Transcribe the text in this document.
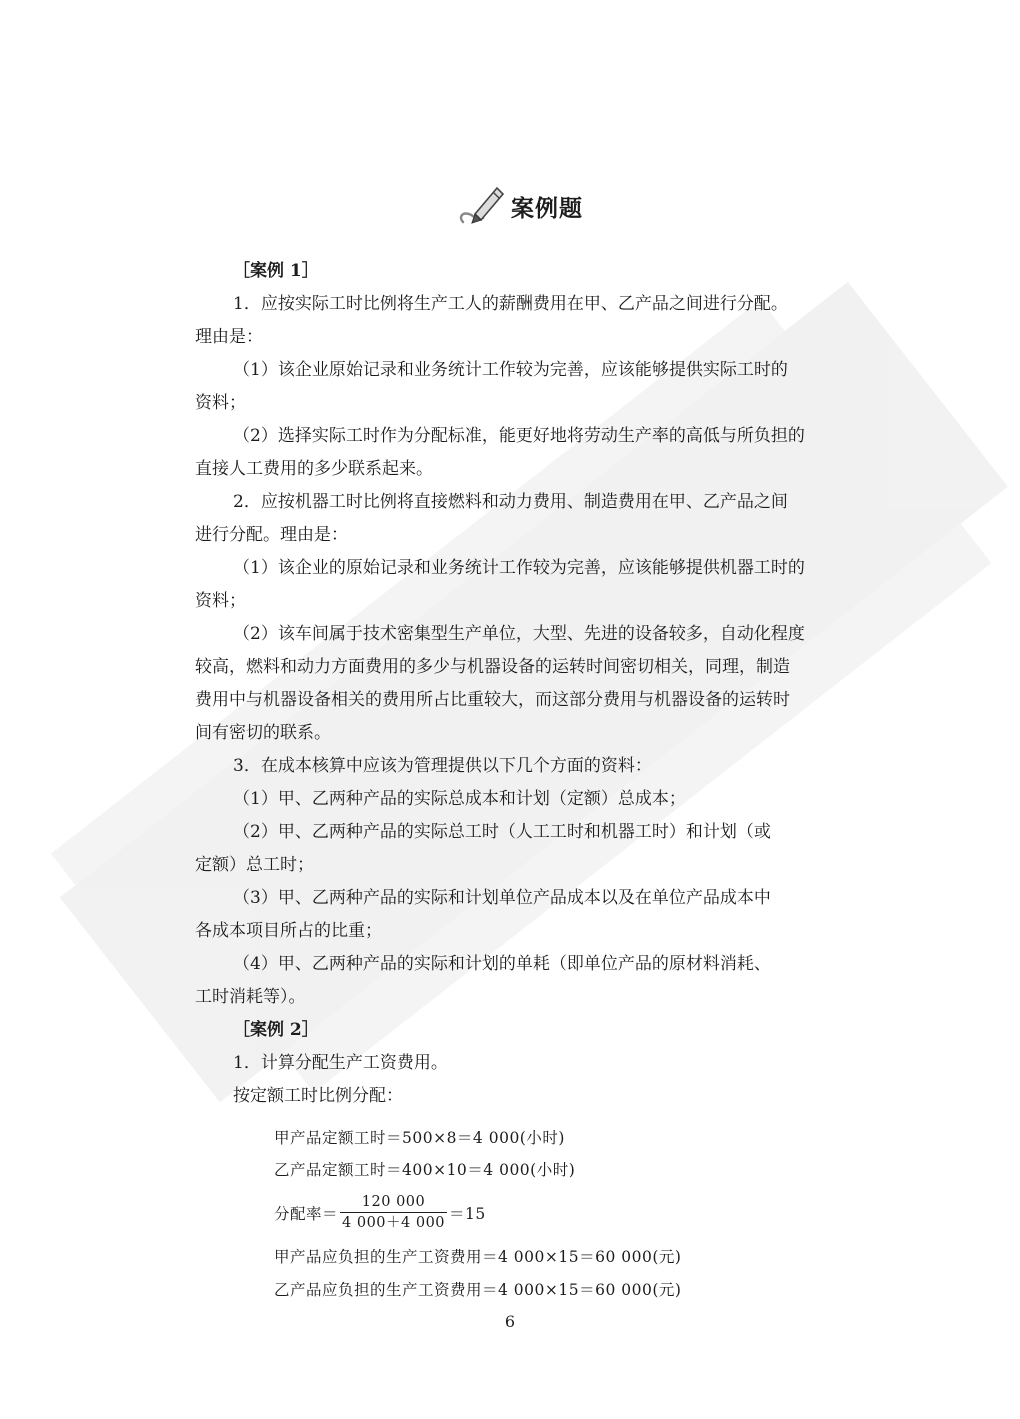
案例题
［案例 1］
1．应按实际工时比例将生产工人的薪酬费用在甲、乙产品之间进行分配。
理由是：
（1）该企业原始记录和业务统计工作较为完善，应该能够提供实际工时的
资料；
（2）选择实际工时作为分配标准，能更好地将劳动生产率的高低与所负担的
直接人工费用的多少联系起来。
2．应按机器工时比例将直接燃料和动力费用、制造费用在甲、乙产品之间
进行分配。理由是：
（1）该企业的原始记录和业务统计工作较为完善，应该能够提供机器工时的
资料；
（2）该车间属于技术密集型生产单位，大型、先进的设备较多，自动化程度
较高，燃料和动力方面费用的多少与机器设备的运转时间密切相关，同理，制造
费用中与机器设备相关的费用所占比重较大，而这部分费用与机器设备的运转时
间有密切的联系。
3．在成本核算中应该为管理提供以下几个方面的资料：
（1）甲、乙两种产品的实际总成本和计划（定额）总成本；
（2）甲、乙两种产品的实际总工时（人工工时和机器工时）和计划（或
定额）总工时；
（3）甲、乙两种产品的实际和计划单位产品成本以及在单位产品成本中
各成本项目所占的比重；
（4）甲、乙两种产品的实际和计划的单耗（即单位产品的原材料消耗、
工时消耗等）。
［案例 2］
1．计算分配生产工资费用。
按定额工时比例分配：
甲产品定额工时＝500×8＝4 000(小时)
乙产品定额工时＝400×10＝4 000(小时)
分配率＝ $\frac{120 000}{4 000+4 000} =15$
甲产品应负担的生产工资费用＝4 000×15＝60 000(元)
乙产品应负担的生产工资费用＝4 000×15＝60 000(元)
6
